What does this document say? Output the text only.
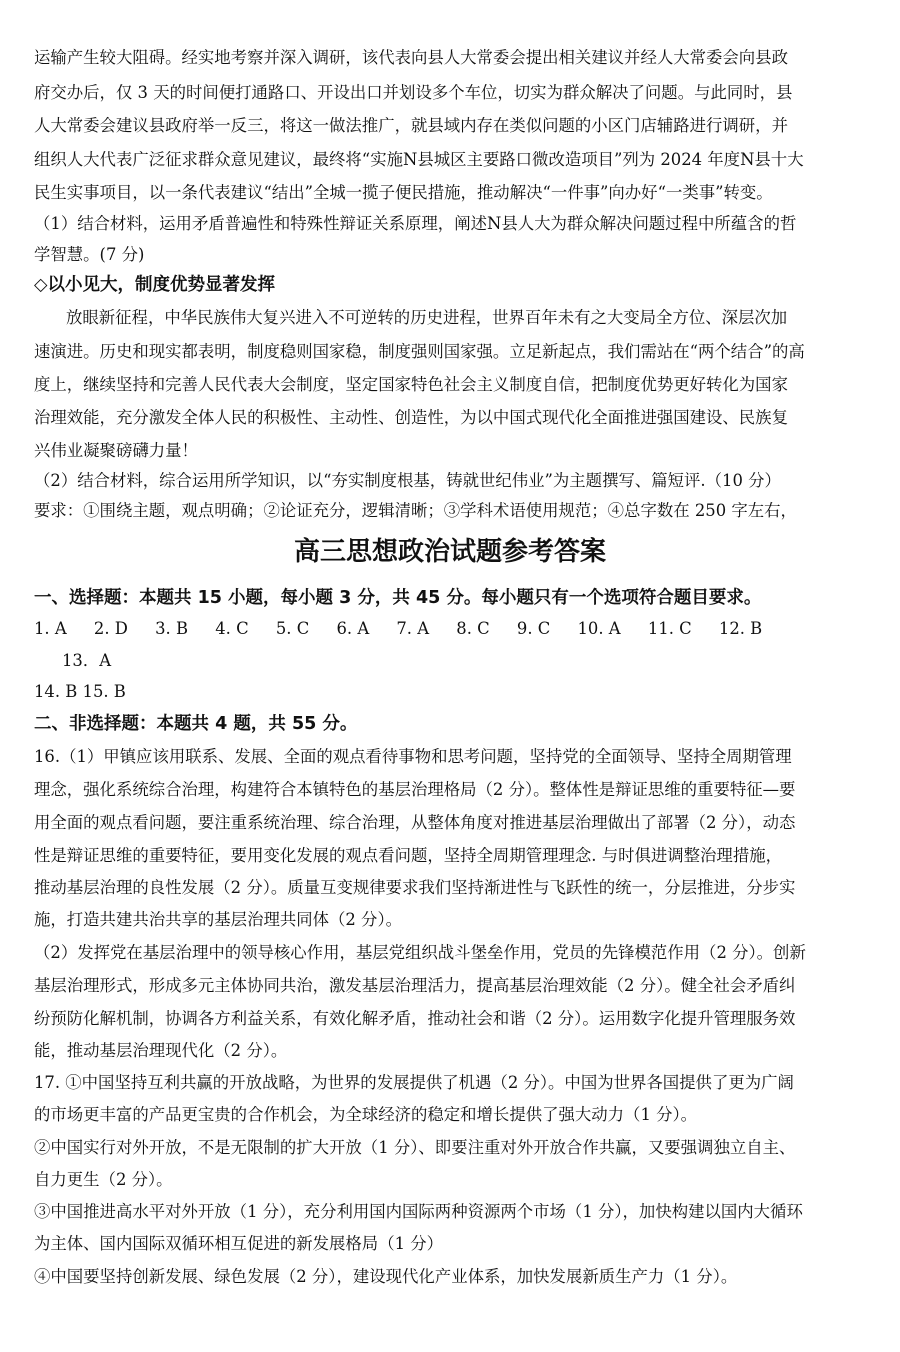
运输产生较大阻碍。经实地考察并深入调研，该代表向县人大常委会提出相关建议并经人大常委会向县政
府交办后，仅 3 天的时间便打通路口、开设出口并划设多个车位，切实为群众解决了问题。与此同时，县
人大常委会建议县政府举一反三，将这一做法推广，就县域内存在类似问题的小区门店辅路进行调研，并
组织人大代表广泛征求群众意见建议，最终将“实施N县城区主要路口微改造项目”列为 2024 年度N县十大
民生实事项目，以一条代表建议“结出”全城一揽子便民措施，推动解决“一件事”向办好“一类事”转变。
（1）结合材料，运用矛盾普遍性和特殊性辩证关系原理，阐述N县人大为群众解决问题过程中所蕴含的哲
学智慧。(7 分)
◇以小见大，制度优势显著发挥
放眼新征程，中华民族伟大复兴进入不可逆转的历史进程，世界百年未有之大变局全方位、深层次加
速演进。历史和现实都表明，制度稳则国家稳，制度强则国家强。立足新起点，我们需站在“两个结合”的高
度上，继续坚持和完善人民代表大会制度，坚定国家特色社会主义制度自信，把制度优势更好转化为国家
治理效能，充分激发全体人民的积极性、主动性、创造性，为以中国式现代化全面推进强国建设、民族复
兴伟业凝聚磅礴力量！
（2）结合材料，综合运用所学知识，以“夯实制度根基，铸就世纪伟业”为主题撰写、篇短评.（10 分）
要求：①围绕主题，观点明确；②论证充分，逻辑清晰；③学科术语使用规范；④总字数在 250 字左右，
高三思想政治试题参考答案
一、选择题：本题共 15 小题，每小题 3 分，共 45 分。每小题只有一个选项符合题目要求。
1. A 2. D 3. B 4. C 5. C 6. A 7. A 8. C 9. C 10. A 11. C 12. B
13．A
14. B 15. B
二、非选择题：本题共 4 题，共 55 分。
16.（1）甲镇应该用联系、发展、全面的观点看待事物和思考问题，坚持党的全面领导、坚持全周期管理
理念，强化系统综合治理，构建符合本镇特色的基层治理格局（2 分）。整体性是辩证思维的重要特征—要
用全面的观点看问题，要注重系统治理、综合治理，从整体角度对推进基层治理做出了部署（2 分），动态
性是辩证思维的重要特征，要用变化发展的观点看问题，坚持全周期管理理念. 与时俱进调整治理措施，
推动基层治理的良性发展（2 分）。质量互变规律要求我们坚持渐进性与飞跃性的统一，分层推进，分步实
施，打造共建共治共享的基层治理共同体（2 分）。
（2）发挥党在基层治理中的领导核心作用，基层党组织战斗堡垒作用，党员的先锋模范作用（2 分）。创新
基层治理形式，形成多元主体协同共治，激发基层治理活力，提高基层治理效能（2 分）。健全社会矛盾纠
纷预防化解机制，协调各方利益关系，有效化解矛盾，推动社会和谐（2 分）。运用数字化提升管理服务效
能，推动基层治理现代化（2 分）。
17. ①中国坚持互利共赢的开放战略，为世界的发展提供了机遇（2 分）。中国为世界各国提供了更为广阔
的市场更丰富的产品更宝贵的合作机会，为全球经济的稳定和增长提供了强大动力（1 分）。
②中国实行对外开放，不是无限制的扩大开放（1 分）、即要注重对外开放合作共赢，又要强调独立自主、
自力更生（2 分）。
③中国推进高水平对外开放（1 分），充分利用国内国际两种资源两个市场（1 分），加快构建以国内大循环
为主体、国内国际双循环相互促进的新发展格局（1 分）
④中国要坚持创新发展、绿色发展（2 分），建设现代化产业体系，加快发展新质生产力（1 分）。
